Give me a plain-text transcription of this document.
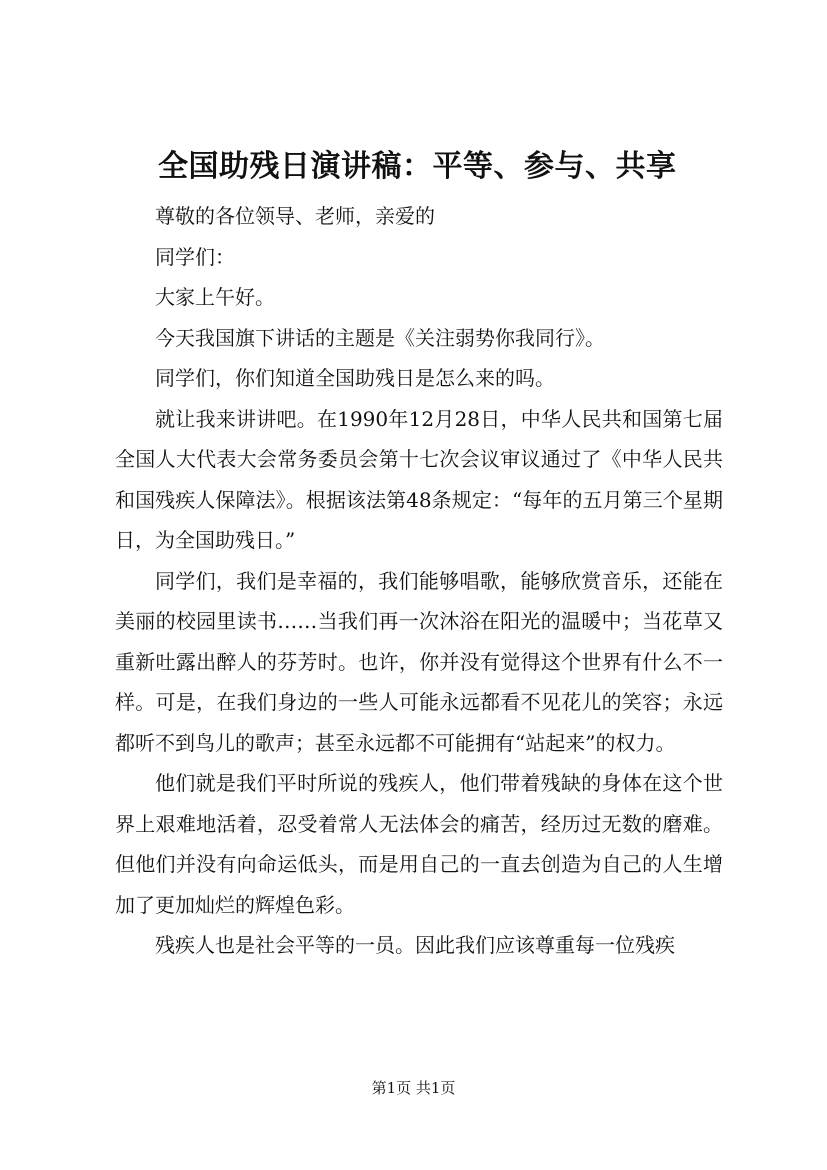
全国助残日演讲稿：平等、参与、共享

尊敬的各位领导、老师，亲爱的

同学们：

大家上午好。

今天我国旗下讲话的主题是《关注弱势你我同行》。

同学们，你们知道全国助残日是怎么来的吗。

就让我来讲讲吧。在1990年12月28日，中华人民共和国第七届全国人大代表大会常务委员会第十七次会议审议通过了《中华人民共和国残疾人保障法》。根据该法第48条规定：“每年的五月第三个星期日，为全国助残日。”

同学们，我们是幸福的，我们能够唱歌，能够欣赏音乐，还能在美丽的校园里读书……当我们再一次沐浴在阳光的温暖中；当花草又重新吐露出醉人的芬芳时。也许，你并没有觉得这个世界有什么不一样。可是，在我们身边的一些人可能永远都看不见花儿的笑容；永远都听不到鸟儿的歌声；甚至永远都不可能拥有“站起来”的权力。

他们就是我们平时所说的残疾人，他们带着残缺的身体在这个世界上艰难地活着，忍受着常人无法体会的痛苦，经历过无数的磨难。但他们并没有向命运低头，而是用自己的一直去创造为自己的人生增加了更加灿烂的辉煌色彩。

残疾人也是社会平等的一员。因此我们应该尊重每一位残疾

第1页 共1页
